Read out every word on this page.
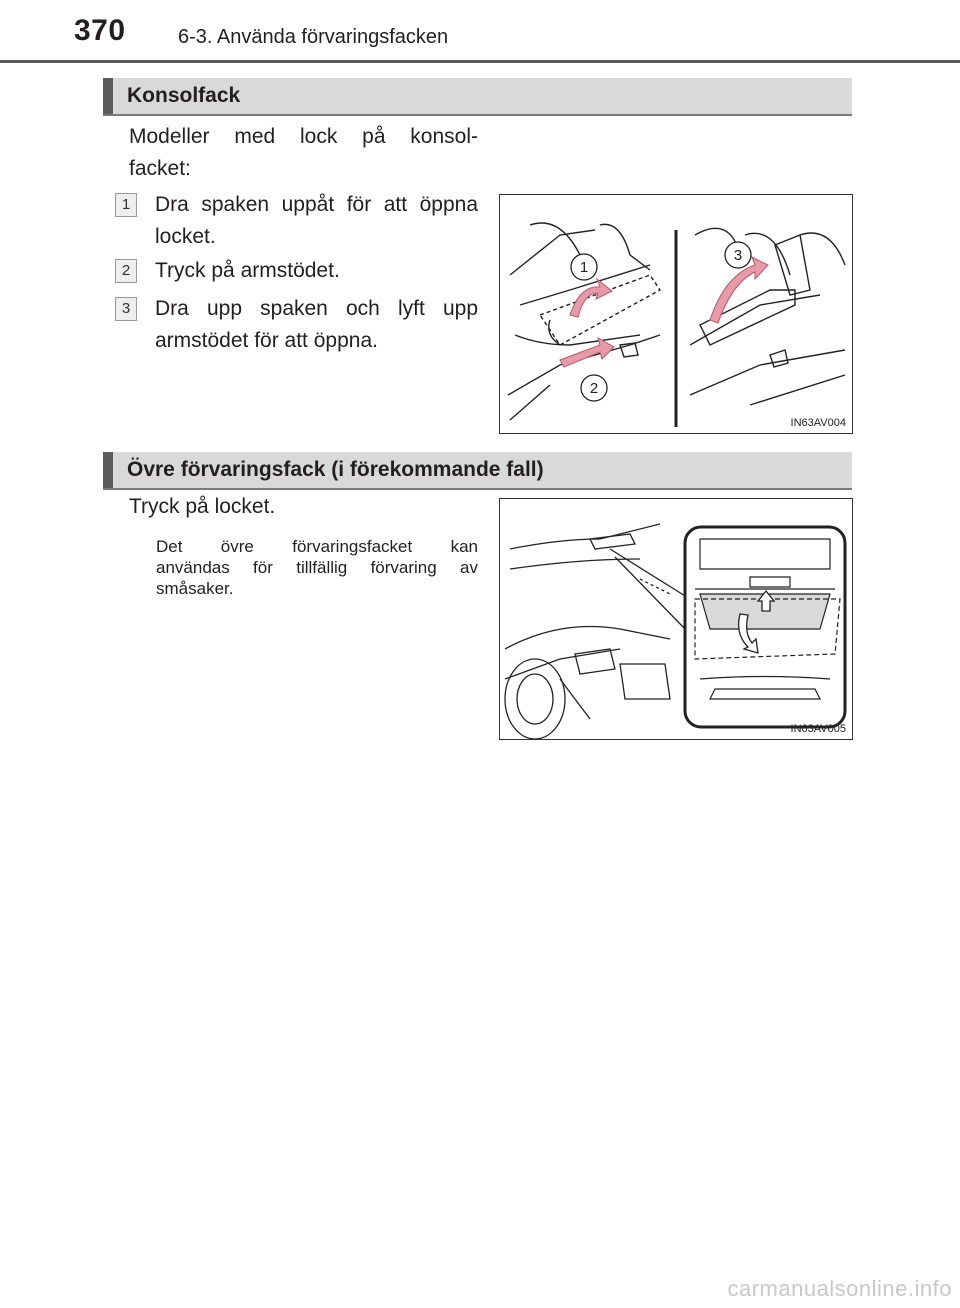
370	6-3. Använda förvaringsfacken
Konsolfack
Modeller med lock på konsol-
facket:
1	Dra spaken uppåt för att öppna
locket.
2	Tryck på armstödet.
3	Dra upp spaken och lyft upp
armstödet för att öppna.
1
2
3
IN63AV004
Övre förvaringsfack (i förekommande fall)
Tryck på locket.
Det övre förvaringsfacket kan
användas för tillfällig förvaring av
småsaker.
IN63AV005
carmanualsonline.info
